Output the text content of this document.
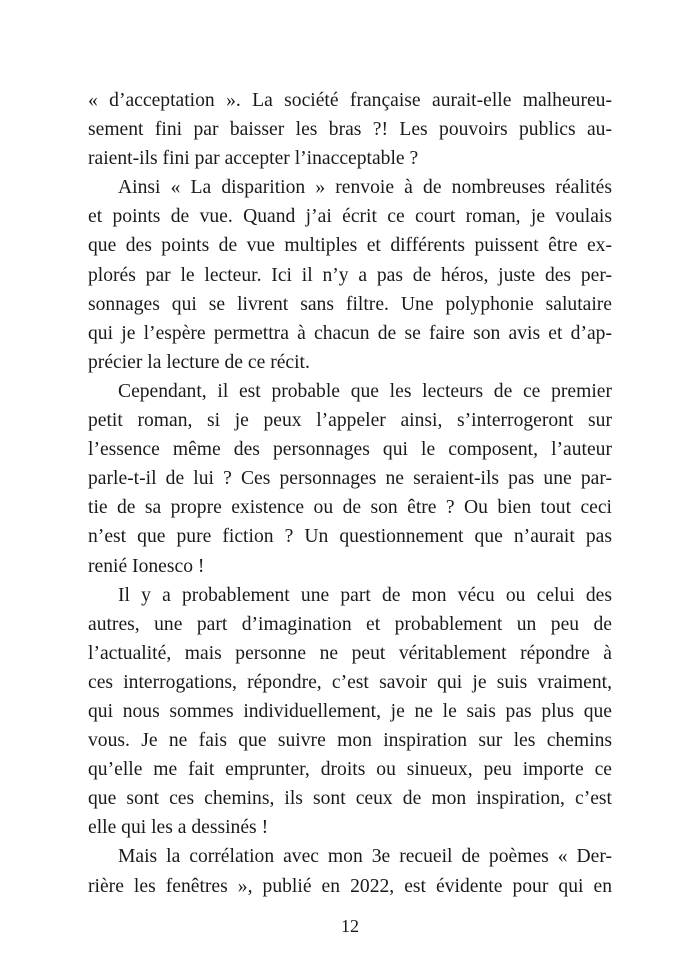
« d’acceptation ». La société française aurait-elle malheureu-
sement fini par baisser les bras ?! Les pouvoirs publics au-
raient-ils fini par accepter l’inacceptable ?
Ainsi « La disparition » renvoie à de nombreuses réalités
et points de vue. Quand j’ai écrit ce court roman, je voulais
que des points de vue multiples et différents puissent être ex-
plorés par le lecteur. Ici il n’y a pas de héros, juste des per-
sonnages qui se livrent sans filtre. Une polyphonie salutaire
qui je l’espère permettra à chacun de se faire son avis et d’ap-
précier la lecture de ce récit.
Cependant, il est probable que les lecteurs de ce premier
petit roman, si je peux l’appeler ainsi, s’interrogeront sur
l’essence même des personnages qui le composent, l’auteur
parle-t-il de lui ? Ces personnages ne seraient-ils pas une par-
tie de sa propre existence ou de son être ? Ou bien tout ceci
n’est que pure fiction ? Un questionnement que n’aurait pas
renié Ionesco !
Il y a probablement une part de mon vécu ou celui des
autres, une part d’imagination et probablement un peu de
l’actualité, mais personne ne peut véritablement répondre à
ces interrogations, répondre, c’est savoir qui je suis vraiment,
qui nous sommes individuellement, je ne le sais pas plus que
vous. Je ne fais que suivre mon inspiration sur les chemins
qu’elle me fait emprunter, droits ou sinueux, peu importe ce
que sont ces chemins, ils sont ceux de mon inspiration, c’est
elle qui les a dessinés !
Mais la corrélation avec mon 3e recueil de poèmes « Der-
rière les fenêtres », publié en 2022, est évidente pour qui en
12
